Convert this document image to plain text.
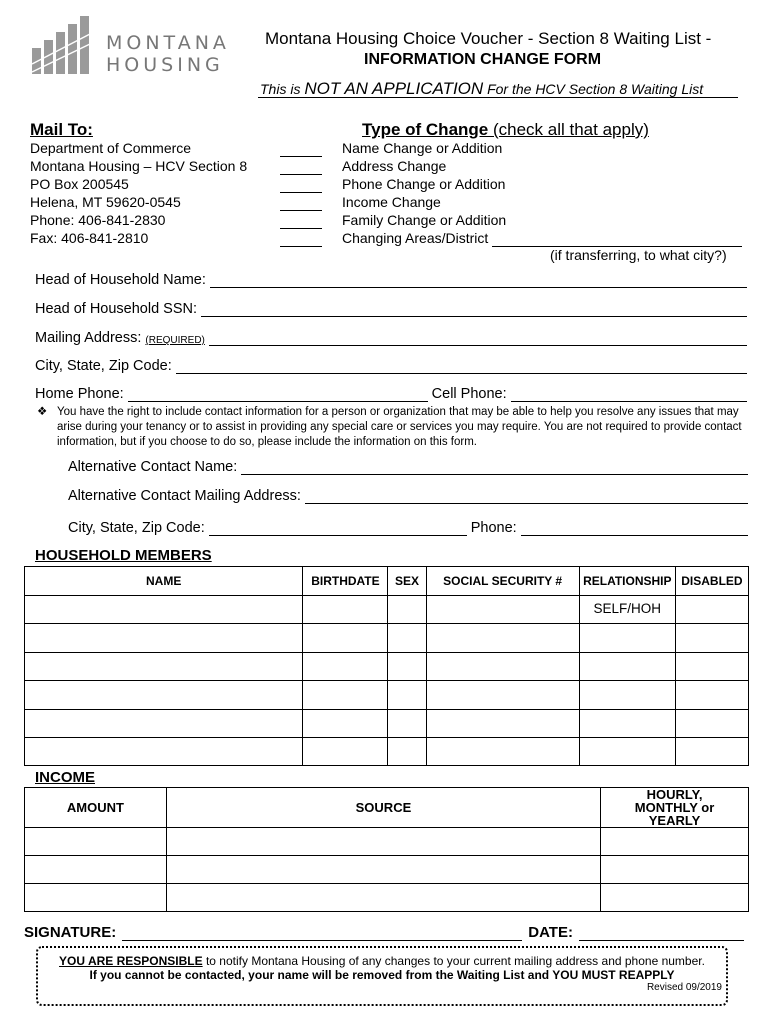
MONTANA
HOUSING
Montana Housing Choice Voucher - Section 8 Waiting List -
INFORMATION CHANGE FORM
This is NOT AN APPLICATION For the HCV Section 8 Waiting List
Mail To:
Department of Commerce
Montana Housing – HCV Section 8
PO Box 200545
Helena, MT 59620-0545
Phone: 406-841-2830
Fax: 406-841-2810
Type of Change (check all that apply)
Name Change or Addition
Address Change
Phone Change or Addition
Income Change
Family Change or Addition
Changing Areas/District
(if transferring, to what city?)
Head of Household Name:
Head of Household SSN:
Mailing Address:
(REQUIRED)
City, State, Zip Code:
Home Phone:	Cell Phone:
❖ You have the right to include contact information for a person or organization that may be able to help you resolve any issues that may arise during your tenancy or to assist in providing any special care or services you may require. You are not required to provide contact information, but if you choose to do so, please include the information on this form.
Alternative Contact Name:
Alternative Contact Mailing Address:
City, State, Zip Code:	Phone:
HOUSEHOLD MEMBERS
NAME	BIRTHDATE	SEX	SOCIAL SECURITY #	RELATIONSHIP	DISABLED
				SELF/HOH	

INCOME
AMOUNT	SOURCE	HOURLY, MONTHLY or YEARLY

SIGNATURE:	DATE:
YOU ARE RESPONSIBLE to notify Montana Housing of any changes to your current mailing address and phone number.
If you cannot be contacted, your name will be removed from the Waiting List and YOU MUST REAPPLY
Revised 09/2019
